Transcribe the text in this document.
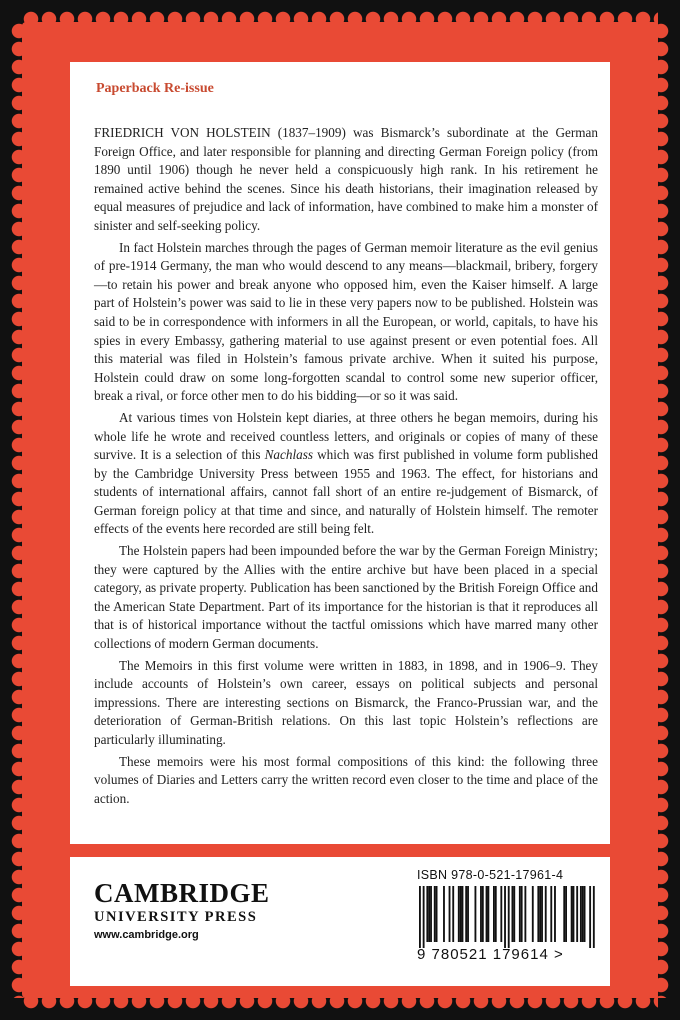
Paperback Re-issue

FRIEDRICH VON HOLSTEIN (1837–1909) was Bismarck’s subordinate at the German Foreign Office, and later responsible for planning and directing German Foreign policy (from 1890 until 1906) though he never held a conspicuously high rank. In his retirement he remained active behind the scenes. Since his death historians, their imagination released by equal measures of prejudice and lack of information, have combined to make him a monster of sinister and self-seeking policy.

In fact Holstein marches through the pages of German memoir literature as the evil genius of pre-1914 Germany, the man who would descend to any means—blackmail, bribery, forgery—to retain his power and break anyone who opposed him, even the Kaiser himself. A large part of Holstein’s power was said to lie in these very papers now to be published. Holstein was said to be in correspondence with informers in all the European, or world, capitals, to have his spies in every Embassy, gathering material to use against present or even potential foes. All this material was filed in Holstein’s famous private archive. When it suited his purpose, Holstein could draw on some long-forgotten scandal to control some new superior officer, break a rival, or force other men to do his bidding—or so it was said.

At various times von Holstein kept diaries, at three others he began memoirs, during his whole life he wrote and received countless letters, and originals or copies of many of these survive. It is a selection of this Nachlass which was first published in volume form published by the Cambridge University Press between 1955 and 1963. The effect, for historians and students of international affairs, cannot fall short of an entire re-judgement of Bismarck, of German foreign policy at that time and since, and naturally of Holstein himself. The remoter effects of the events here recorded are still being felt.

The Holstein papers had been impounded before the war by the German Foreign Ministry; they were captured by the Allies with the entire archive but have been placed in a special category, as private property. Publication has been sanctioned by the British Foreign Office and the American State Department. Part of its importance for the historian is that it reproduces all that is of historical importance without the tactful omissions which have marred many other collections of modern German documents.

The Memoirs in this first volume were written in 1883, in 1898, and in 1906–9. They include accounts of Holstein’s own career, essays on political subjects and personal impressions. There are interesting sections on Bismarck, the Franco-Prussian war, and the deterioration of German-British relations. On this last topic Holstein’s reflections are particularly illuminating.

These memoirs were his most formal compositions of this kind: the following three volumes of Diaries and Letters carry the written record even closer to the time and place of the action.

CAMBRIDGE
UNIVERSITY PRESS
www.cambridge.org
ISBN 978-0-521-17961-4
9 780521 179614 >
